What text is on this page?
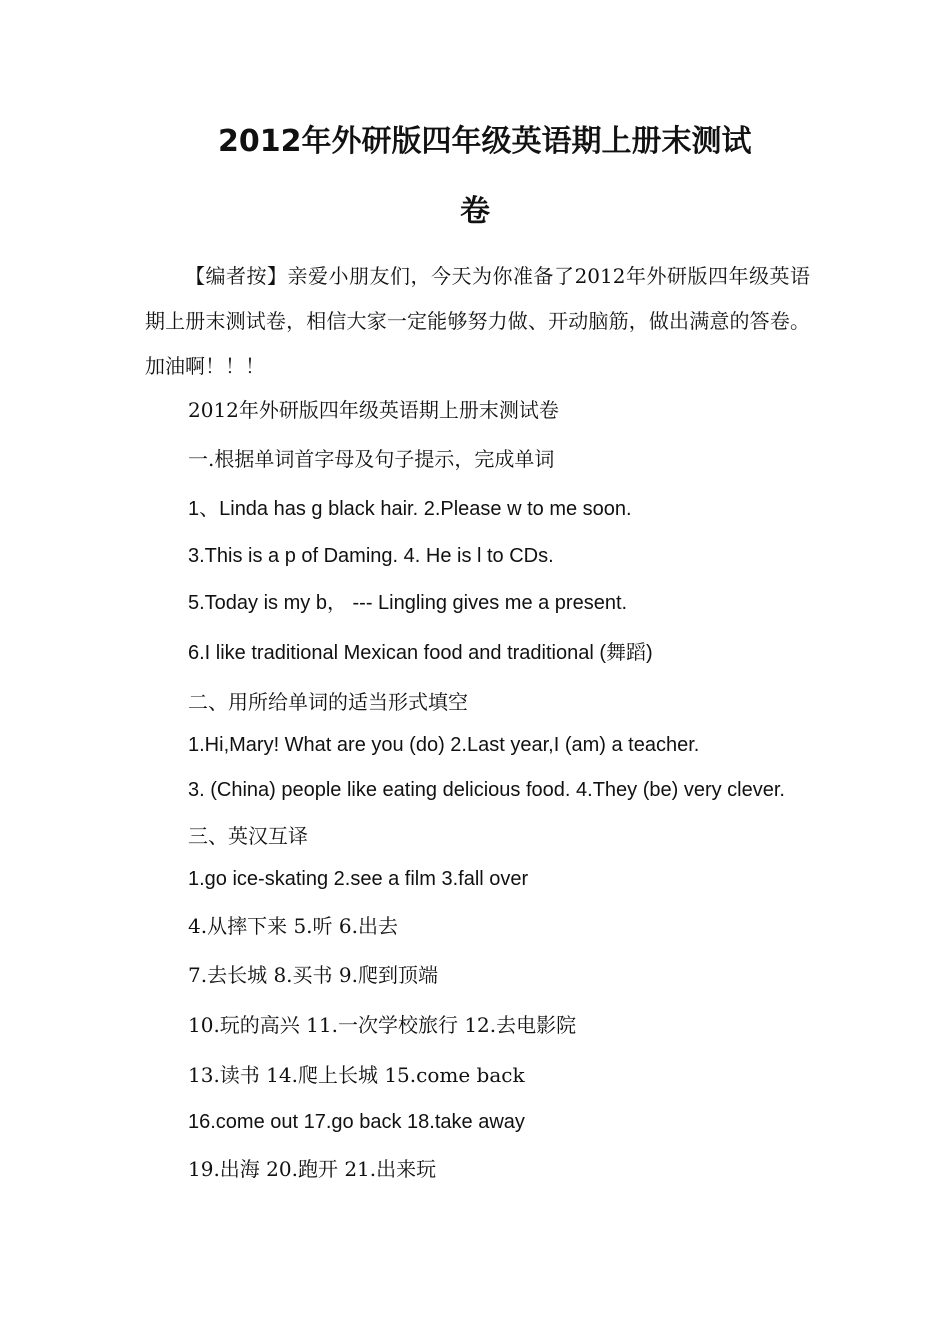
2012年外研版四年级英语期上册末测试
卷
【编者按】亲爱小朋友们，今天为你准备了2012年外研版四年级英语期上册末测试卷，相信大家一定能够努力做、开动脑筋，做出满意的答卷。加油啊！！！
2012年外研版四年级英语期上册末测试卷
一.根据单词首字母及句子提示，完成单词
1、Linda has g black hair. 2.Please w to me soon.
3.This is a p of Daming. 4. He is l to CDs.
5.Today is my b， --- Lingling gives me a present.
6.I like traditional Mexican food and traditional (舞蹈)
二、用所给单词的适当形式填空
1.Hi,Mary! What are you (do) 2.Last year,I (am) a teacher.
3. (China) people like eating delicious food. 4.They (be) very clever.
三、英汉互译
1.go ice-skating 2.see a film 3.fall over
4.从摔下来 5.听 6.出去
7.去长城 8.买书 9.爬到顶端
10.玩的高兴 11.一次学校旅行 12.去电影院
13.读书 14.爬上长城 15.come back
16.come out 17.go back 18.take away
19.出海 20.跑开 21.出来玩
